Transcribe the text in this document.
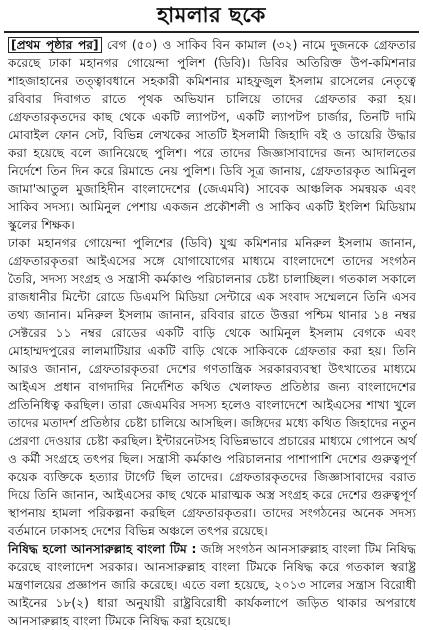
হামলার ছকে

[প্রথম পৃষ্ঠার পর] বেগ (৫০) ও সাকিব বিন কামাল (৩২) নামে দুজনকে গ্রেফতার করেছে ঢাকা মহানগর গোয়েন্দা পুলিশ (ডিবি)। ডিবির অতিরিক্ত উপ-কমিশনার শাহজাহানের তত্ত্বাবধানে সহকারী কমিশনার মাহফুজুল ইসলাম রাসেলের নেতৃত্বে রবিবার দিবাগত রাতে পৃথক অভিযান চালিয়ে তাদের গ্রেফতার করা হয়। গ্রেফতারকৃতদের কাছ থেকে একটি ল্যাপটপ, একটি ল্যাপটপ চার্জার, তিনটি দামি মোবাইল ফোন সেট, বিভিন্ন লেখকের সাতটি ইসলামী জিহাদি বই ও ডায়েরি উদ্ধার করা হয়েছে বলে জানিয়েছে পুলিশ। পরে তাদের জিজ্ঞাসাবাদের জন্য আদালতের নির্দেশে তিন দিন করে রিমান্ডে নেয় পুলিশ। ডিবি সূত্র জানায়, গ্রেফতারকৃত আমিনুল জামা'আতুল মুজাহিদীন বাংলাদেশের (জেএমবি) সাবেক আঞ্চলিক সমন্বয়ক এবং সাকিব সদস্য। আমিনুল পেশায় একজন প্রকৌশলী ও সাকিব একটি ইংলিশ মিডিয়াম স্কুলের শিক্ষক।

ঢাকা মহানগর গোয়েন্দা পুলিশের (ডিবি) যুগ্ম কমিশনার মনিরুল ইসলাম জানান, গ্রেফতারকৃতরা আইএসের সঙ্গে যোগাযোগের মাধ্যমে বাংলাদেশে তাদের সংগঠন তৈরি, সদস্য সংগ্রহ ও সন্ত্রাসী কর্মকাণ্ড পরিচালনার চেষ্টা চালাচ্ছিল। গতকাল সকালে রাজধানীর মিন্টো রোডে ডিএমপি মিডিয়া সেন্টারে এক সংবাদ সম্মেলনে তিনি এসব তথ্য জানান। মনিরুল ইসলাম জানান, রবিবার রাতে উত্তরা পশ্চিম থানার ১৪ নম্বর সেক্টরের ১১ নম্বর রোডের একটি বাড়ি থেকে আমিনুল ইসলাম বেগকে এবং মোহাম্মদপুরের লালমাটিয়ার একটি বাড়ি থেকে সাকিবকে গ্রেফতার করা হয়। তিনি আরও জানান, গ্রেফতারকৃতরা দেশের গণতান্ত্রিক সরকারব্যবস্থা উৎখাতের মাধ্যমে আইএস প্রধান বাগদাদির নির্দেশিত কথিত খেলাফত প্রতিষ্ঠার জন্য বাংলাদেশের প্রতিনিধিত্ব করছিল। তারা জেএমবির সদস্য হলেও বাংলাদেশে আইএসের শাখা খুলে তাদের মতাদর্শ প্রতিষ্ঠার চেষ্টা চালিয়ে আসছিল। জঙ্গিদের মধ্যে কথিত জিহাদের নতুন প্রেরণা দেওয়ার চেষ্টা করছিল। ইন্টারনেটসহ বিভিন্নভাবে প্রচারের মাধ্যমে গোপনে অর্থ ও কর্মী সংগ্রহে তৎপর ছিল। সন্ত্রাসী কর্মকাণ্ড পরিচালনার পাশাপাশি দেশের গুরুত্বপূর্ণ কয়েক ব্যক্তিকে হত্যার টার্গেট ছিল তাদের। গ্রেফতারকৃতদের জিজ্ঞাসাবাদের বরাত দিয়ে তিনি জানান, আইএসের কাছ থেকে মারাত্মক অস্ত্র সংগ্রহ করে দেশের গুরুত্বপূর্ণ স্থাপনায় হামলা পরিকল্পনা করছিল গ্রেফতারকৃতরা। তাদের সংগঠনের অনেক সদস্য বর্তমানে ঢাকাসহ দেশের বিভিন্ন অঞ্চলে তৎপর রয়েছে।

নিষিদ্ধ হলো আনসারুল্লাহ বাংলা টিম : জঙ্গি সংগঠন আনসারুল্লাহ বাংলা টিম নিষিদ্ধ করেছে বাংলাদেশ সরকার। আনসারুল্লাহ বাংলা টিমকে নিষিদ্ধ করে গতকাল স্বরাষ্ট্র মন্ত্রণালয়ের প্রজ্ঞাপন জারি করেছে। এতে বলা হয়েছে, ২০১৩ সালের সন্ত্রাস বিরোধী আইনের ১৮(২) ধারা অনুযায়ী রাষ্ট্রবিরোধী কার্যকলাপে জড়িত থাকার অপরাধে আনসারুল্লাহ বাংলা টিমকে নিষিদ্ধ করা হয়েছে।
